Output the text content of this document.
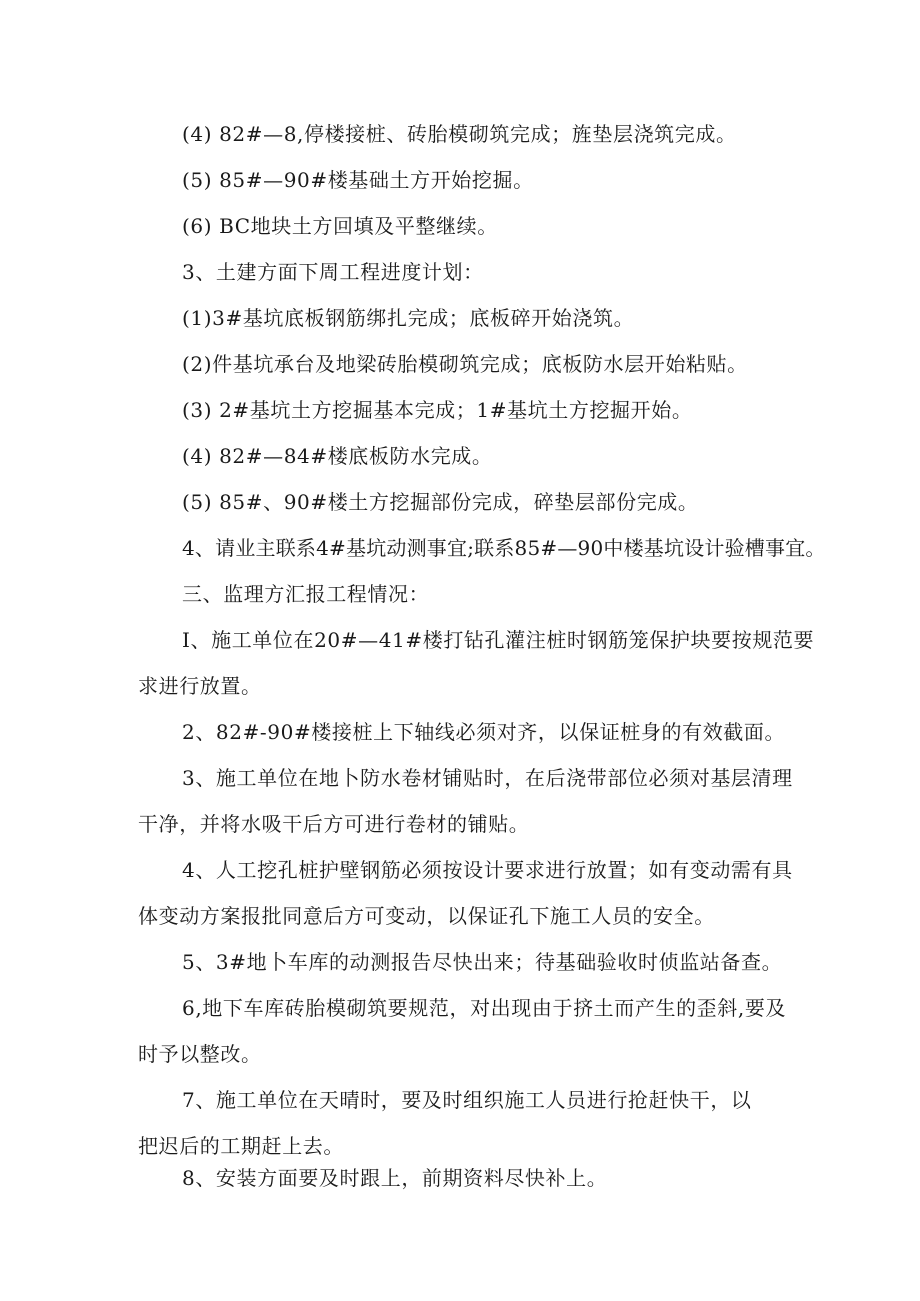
(4) 82#—8,停楼接桩、砖胎模砌筑完成；旌垫层浇筑完成。
(5) 85#—90#楼基础土方开始挖掘。
(6) BC地块土方回填及平整继续。
3、土建方面下周工程进度计划：
(1)3#基坑底板钢筋绑扎完成；底板碎开始浇筑。
(2)件基坑承台及地梁砖胎模砌筑完成；底板防水层开始粘贴。
(3) 2#基坑土方挖掘基本完成；1#基坑土方挖掘开始。
(4) 82#—84#楼底板防水完成。
(5) 85#、90#楼土方挖掘部份完成，碎垫层部份完成。
4、请业主联系4#基坑动测事宜;联系85#—90中楼基坑设计验槽事宜。
三、监理方汇报工程情况：
I、施工单位在20#—41#楼打钻孔灌注桩时钢筋笼保护块要按规范要
求进行放置。
2、82#-90#楼接桩上下轴线必须对齐，以保证桩身的有效截面。
3、施工单位在地卜防水卷材铺贴时，在后浇带部位必须对基层清理
干净，并将水吸干后方可进行卷材的铺贴。
4、人工挖孔桩护壁钢筋必须按设计要求进行放置；如有变动需有具
体变动方案报批同意后方可变动，以保证孔下施工人员的安全。
5、3#地卜车库的动测报告尽快出来；待基础验收时侦监站备查。
6,地下车库砖胎模砌筑要规范，对出现由于挤土而产生的歪斜,要及
时予以整改。
7、施工单位在天晴时，要及时组织施工人员进行抢赶快干，以
把迟后的工期赶上去。
8、安装方面要及时跟上，前期资料尽快补上。
